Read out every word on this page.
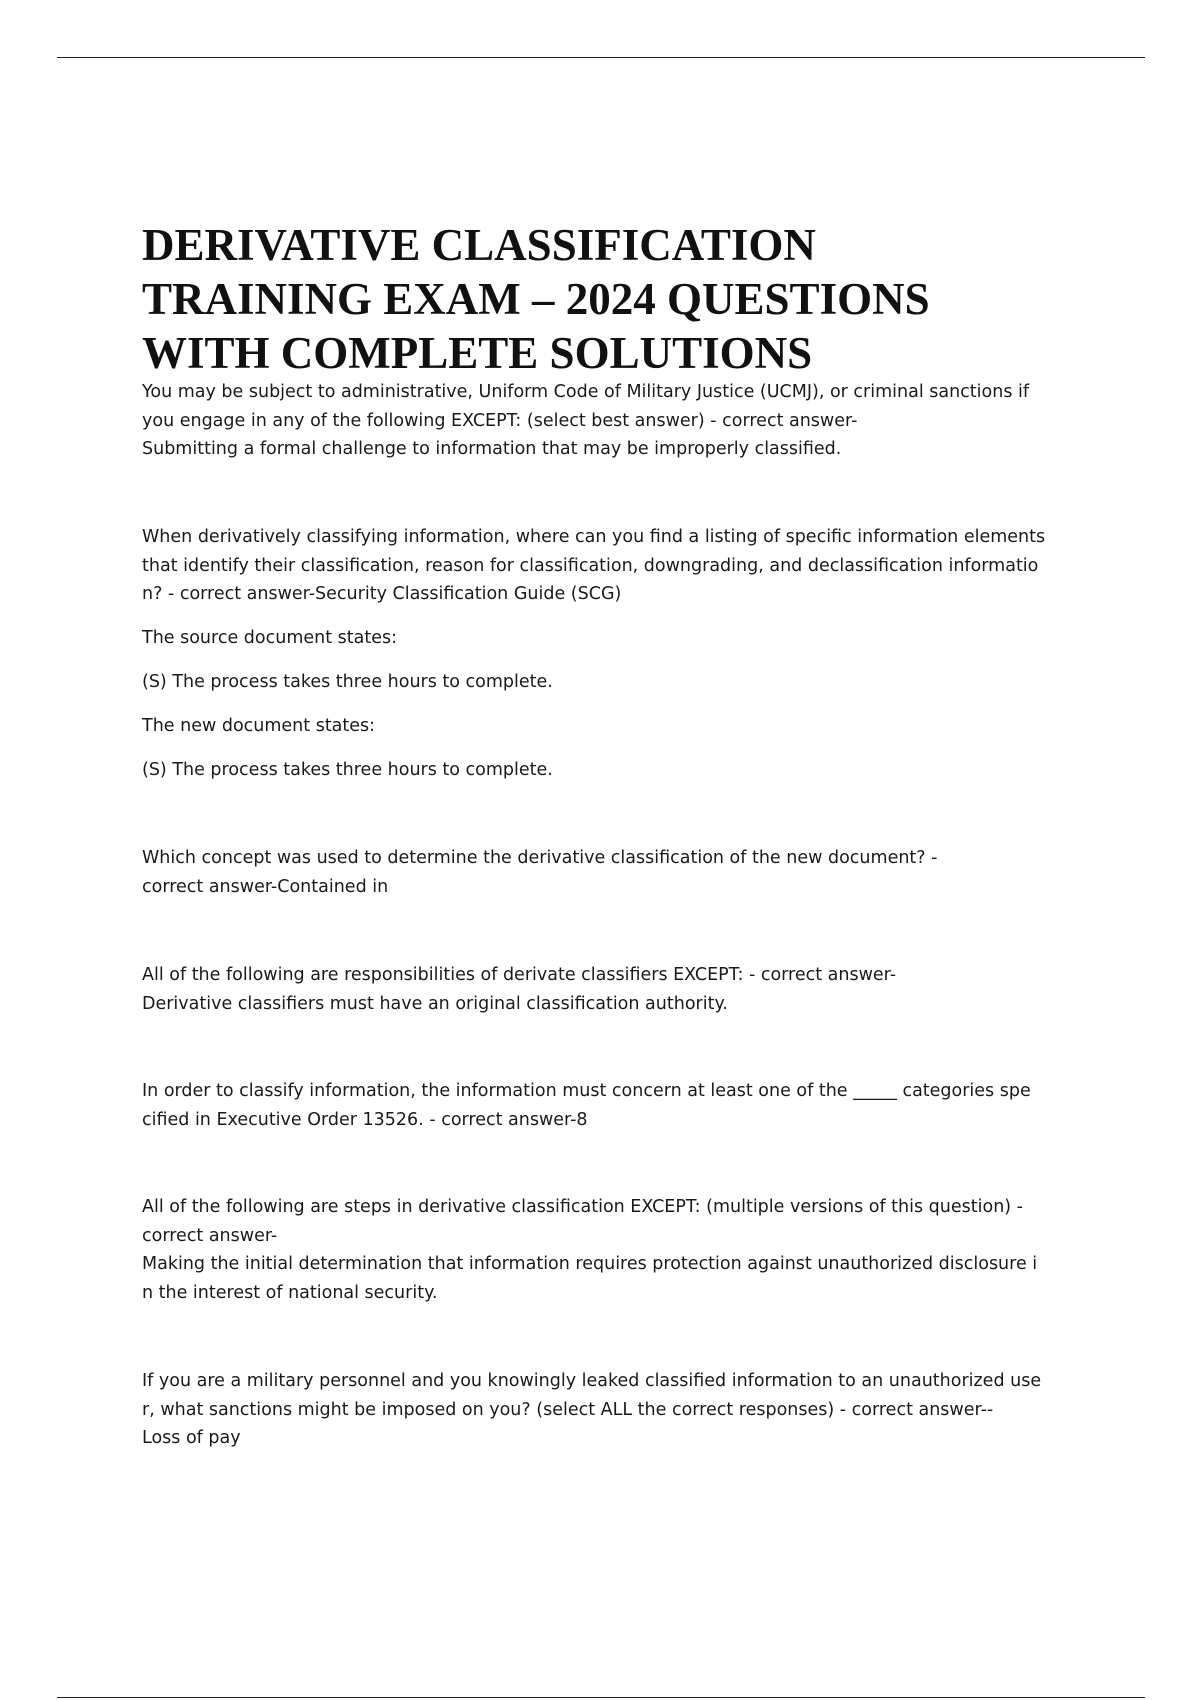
DERIVATIVE CLASSIFICATION
TRAINING EXAM – 2024 QUESTIONS
WITH COMPLETE SOLUTIONS

You may be subject to administrative, Uniform Code of Military Justice (UCMJ), or criminal sanctions if
you engage in any of the following EXCEPT: (select best answer) - correct answer-
Submitting a formal challenge to information that may be improperly classified.

When derivatively classifying information, where can you find a listing of specific information elements
that identify their classification, reason for classification, downgrading, and declassification informatio
n? - correct answer-Security Classification Guide (SCG)

The source document states:

(S) The process takes three hours to complete.

The new document states:

(S) The process takes three hours to complete.

Which concept was used to determine the derivative classification of the new document? -
correct answer-Contained in

All of the following are responsibilities of derivate classifiers EXCEPT: - correct answer-
Derivative classifiers must have an original classification authority.

In order to classify information, the information must concern at least one of the _____ categories spe
cified in Executive Order 13526. - correct answer-8

All of the following are steps in derivative classification EXCEPT: (multiple versions of this question) -
correct answer-
Making the initial determination that information requires protection against unauthorized disclosure i
n the interest of national security.

If you are a military personnel and you knowingly leaked classified information to an unauthorized use
r, what sanctions might be imposed on you? (select ALL the correct responses) - correct answer--
Loss of pay
